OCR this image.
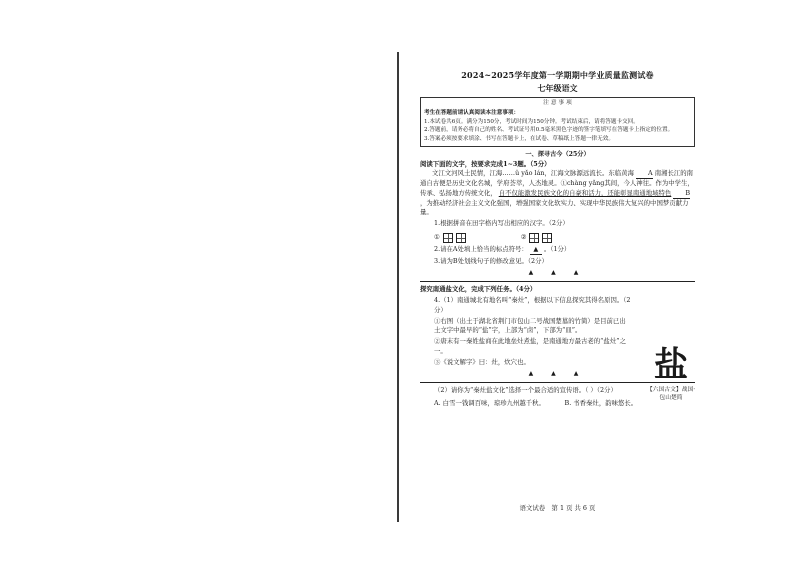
2024~2025学年度第一学期期中学业质量监测试卷
七年级语文
注 意 事 项
考生在答题前请认真阅读本注意事项：
1.本试卷共6页。满分为150分，考试时间为150分钟。考试结束后，请将答题卡交回。
2.答题前，请务必将自己的姓名、考试证号用0.5毫米黑色字迹的签字笔填写在答题卡上指定的位置。
3.答案必须按要求填涂、书写在答题卡上，在试卷、草稿纸上答题一律无效。
一、探寻古今（25分）

阅读下面的文字，按要求完成1~3题。（5分）

文江文河风土民情，江海……ǔ yǎo lán，江海文脉源远流长。东临黄海 A 南湘长江的南通自古便是历史文化名城，学府荟萃，人杰地灵。①chàng yǎng其间，今人神往。作为中学生，传承、弘扬地方传统文化， 自不仅能激发民族文化的自豪和活力，还能彰显南通地域特色 B ，为推动经济社会主义文化强国，增强国家文化软实力、实现中华民族伟大复兴的中国梦贡献力量。

1.根据拼音在田字格内写出相应的汉字。（2分）

①	②

2.请在A处填上恰当的标点符号： ▲ 。（1分）

3.请为B处划线句子的修改意见。（2分）

▲ ▲ ▲

探究南通盐文化，完成下列任务。（4分）

4.（1）南通城北有地名叫“秦灶”，根据以下信息探究其得名原因。（2分）

①右图（出土于湖北省荆门市包山二号战国楚墓的竹简）是目前已出土文字中最早的“盐”字，上部为“卤”，下部为“皿”。

②唐末有一秦姓盐商在此地垒灶煮盐，是南通地方最古老的“盐灶”之一。

③《说文解字》曰：灶，炊穴也。

▲ ▲ ▲

（2）请你为“秦灶盐文化”选择一个最合适的宣传语。（ ）（2分）

A. 白雪一钱调百味，琼珍九州越千秋。	B. 书香秦灶，韵味悠长。
盐
【六国古文】战国·包山楚简
语文试卷　第 1 页 共 6 页
